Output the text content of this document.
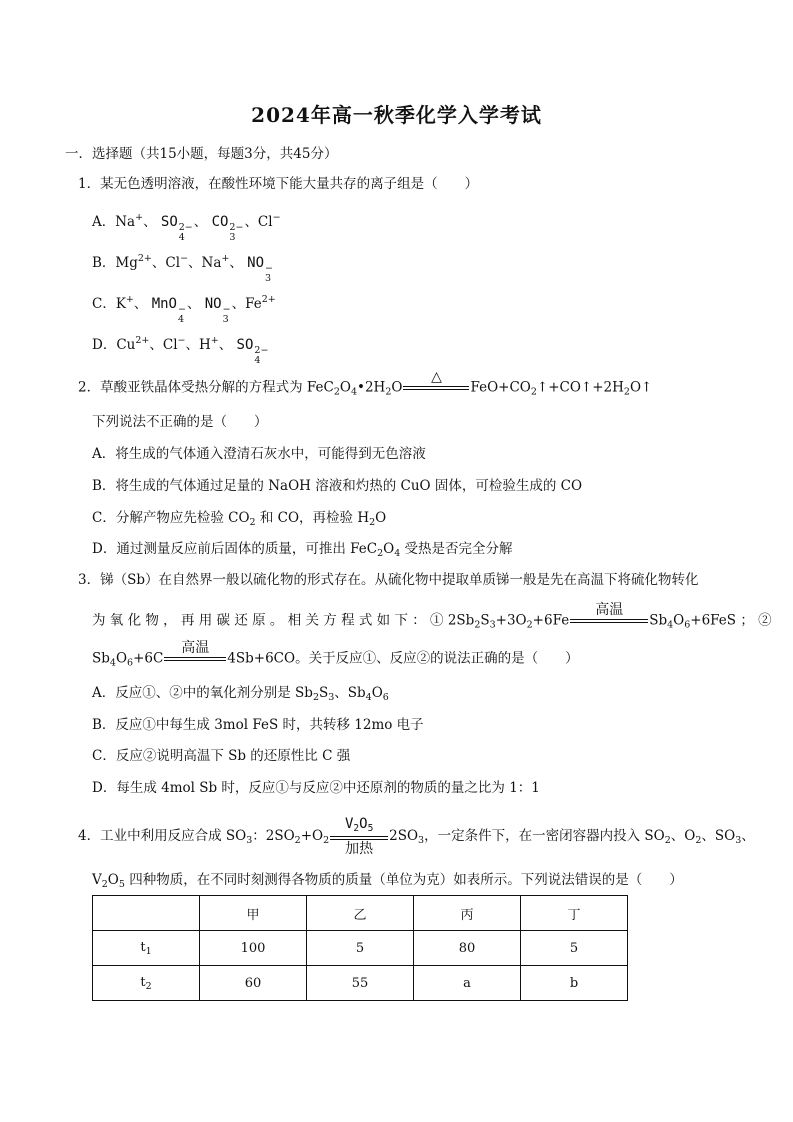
2024年高一秋季化学入学考试
一．选择题（共15小题，每题3分，共45分）
1．某无色透明溶液，在酸性环境下能大量共存的离子组是（　　）
A．Na+、 SO 2−
4
、 CO 2−
3
、Cl−
B．$Mg^{2+}$、Cl−、Na+、 NO −
3
C．K+、 MnO −
4
、 NO −
3
、$Fe^{2+}$
D．$Cu^{2+}$、Cl−、H+、 SO 2−
4
2．草酸亚铁晶体受热分解的方程式为 $FeC_2O_4•2H_2O$
△

$FeO+CO_2↑+CO↑+2H_2O↑$
下列说法不正确的是（　　）
A．将生成的气体通入澄清石灰水中，可能得到无色溶液
B．将生成的气体通过足量的 NaOH 溶液和灼热的 CuO 固体，可检验生成的 CO
C．分解产物应先检验 $CO_2$ 和 CO，再检验 $H_2O$
D．通过测量反应前后固体的质量，可推出 $FeC_2O_4$ 受热是否完全分解
3．锑（Sb）在自然界一般以硫化物的形式存在。从硫化物中提取单质锑一般是先在高温下将硫化物转化
为 氧 化 物 ， 再 用 碳 还 原 。 相 关 方 程 式 如 下 ： ① $2Sb_2S_3+3O_2+6Fe$
高温

$Sb_4O_6+6FeS$ ； ②
$Sb_4O_6+6C$
高温

4Sb+6CO。关于反应①、反应②的说法正确的是（　　）
A．反应①、②中的氧化剂分别是 $Sb_2S_3$、$Sb_4O_6$
B．反应①中每生成 3mol FeS 时，共转移 12mo 电子
C．反应②说明高温下 Sb 的还原性比 C 强
D．每生成 4mol Sb 时，反应①与反应②中还原剂的物质的量之比为 1：1
4．工业中利用反应合成 $SO_3$：$2SO_2+O_2$
$V_2O_5$
加热
$2SO_3$，一定条件下，在一密闭容器内投入 $SO_2$、$O_2$、$SO_3$、
$V_2O_5$ 四种物质，在不同时刻测得各物质的质量（单位为克）如表所示。下列说法错误的是（　　）
	甲	乙	丙	丁
$t_1$	100	5	80	5
$t_2$	60	55	a	b
